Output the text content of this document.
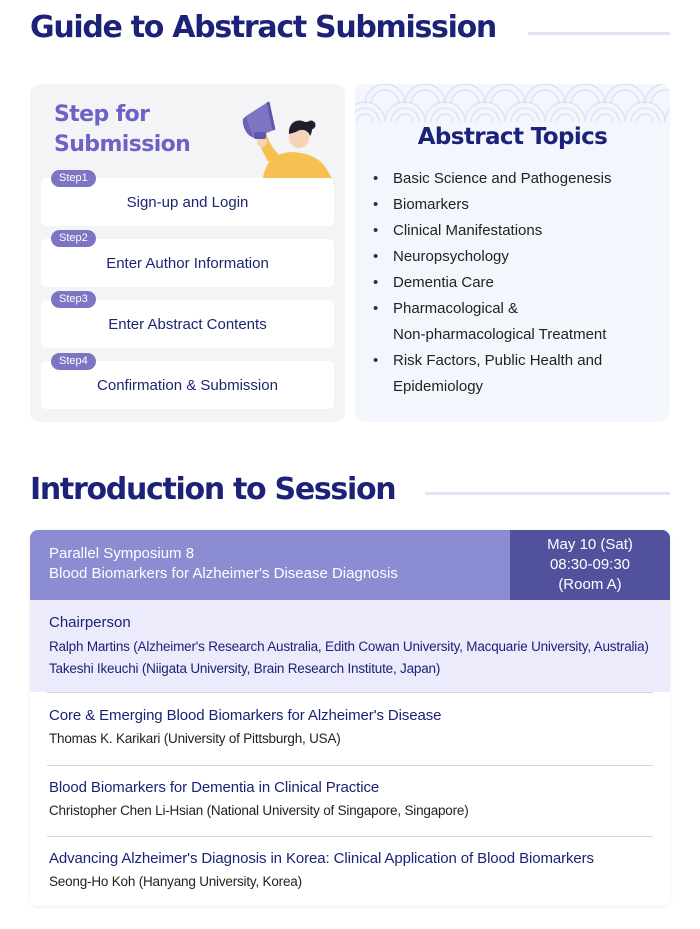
Guide to Abstract Submission
Step for
Submission
Step1
Sign-up and Login
Step2
Enter Author Information
Step3
Enter Abstract Contents
Step4
Confirmation & Submission
Abstract Topics
• Basic Science and Pathogenesis
• Biomarkers
• Clinical Manifestations
• Neuropsychology
• Dementia Care
• Pharmacological &
Non-pharmacological Treatment
• Risk Factors, Public Health and
Epidemiology
Introduction to Session
Parallel Symposium 8
Blood Biomarkers for Alzheimer's Disease Diagnosis
May 10 (Sat)
08:30-09:30
(Room A)
Chairperson
Ralph Martins (Alzheimer's Research Australia, Edith Cowan University, Macquarie University, Australia)
Takeshi Ikeuchi (Niigata University, Brain Research Institute, Japan)
Core & Emerging Blood Biomarkers for Alzheimer's Disease
Thomas K. Karikari (University of Pittsburgh, USA)
Blood Biomarkers for Dementia in Clinical Practice
Christopher Chen Li-Hsian (National University of Singapore, Singapore)
Advancing Alzheimer's Diagnosis in Korea: Clinical Application of Blood Biomarkers
Seong-Ho Koh (Hanyang University, Korea)
